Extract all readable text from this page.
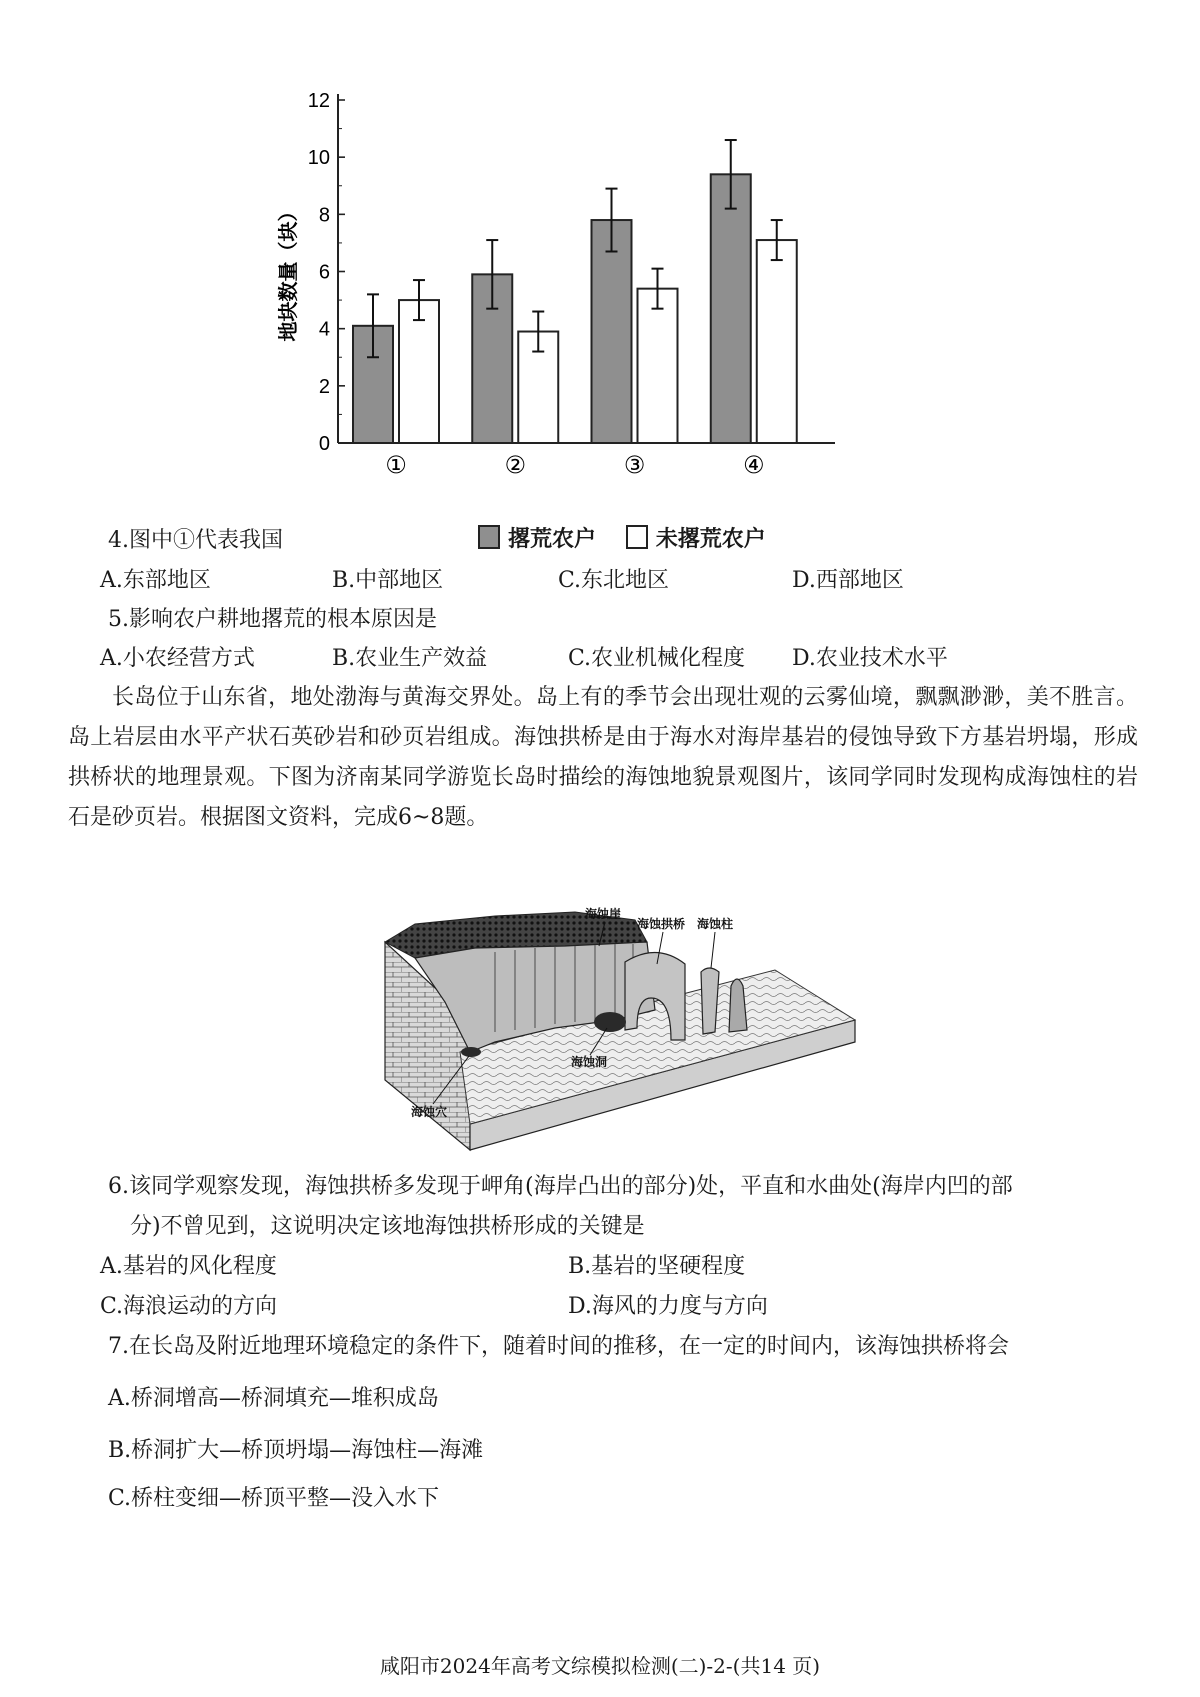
0
2
4
6
8
10
12
地块数量（块）
①	②	③	④
撂荒农户	未撂荒农户
4.图中①代表我国
A.东部地区	B.中部地区	C.东北地区	D.西部地区
5.影响农户耕地撂荒的根本原因是
A.小农经营方式	B.农业生产效益	C.农业机械化程度 D.农业技术水平

长岛位于山东省，地处渤海与黄海交界处。岛上有的季节会出现壮观的云雾仙境，飘飘渺渺，美不胜言。岛上岩层由水平产状石英砂岩和砂页岩组成。海蚀拱桥是由于海水对海岸基岩的侵蚀导致下方基岩坍塌，形成拱桥状的地理景观。下图为济南某同学游览长岛时描绘的海蚀地貌景观图片，该同学同时发现构成海蚀柱的岩石是砂页岩。根据图文资料，完成6~8题。

海蚀崖
海蚀拱桥 海蚀柱
海蚀洞
海蚀穴
6.该同学观察发现，海蚀拱桥多发现于岬角(海岸凸出的部分)处，平直和水曲处(海岸内凹的部
分)不曾见到，这说明决定该地海蚀拱桥形成的关键是
A.基岩的风化程度	B.基岩的坚硬程度
C.海浪运动的方向	D.海风的力度与方向
7.在长岛及附近地理环境稳定的条件下，随着时间的推移，在一定的时间内，该海蚀拱桥将会
A.桥洞增高—桥洞填充—堆积成岛
B.桥洞扩大—桥顶坍塌—海蚀柱—海滩
C.桥柱变细—桥顶平整—没入水下
咸阳市2024年高考文综模拟检测(二)-2-(共14 页)
